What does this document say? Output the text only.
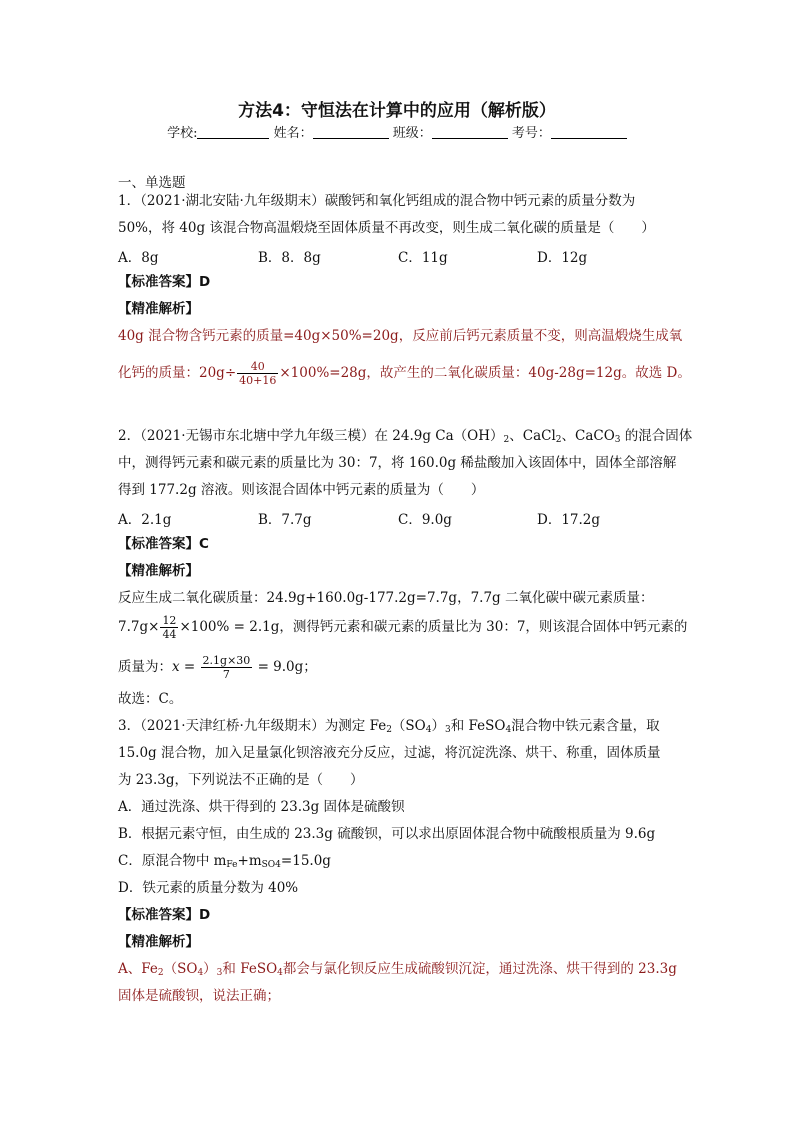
方法4：守恒法在计算中的应用（解析版）
学校:	姓名：	班级：	考号：
一、单选题
1．（2021·湖北安陆·九年级期末）碳酸钙和氧化钙组成的混合物中钙元素的质量分数为
50%，将 40g 该混合物高温煅烧至固体质量不再改变，则生成二氧化碳的质量是（　　）
A．8g	B．8．8g	C．11g	D．12g
【标准答案】D
【精准解析】
40g 混合物含钙元素的质量=40g×50%=20g，反应前后钙元素质量不变，则高温煅烧生成氧
化钙的质量：$20g\div \frac{40}{40+16} \times 100\%=28g$，故产生的二氧化碳质量：40g-28g=12g。故选 D。
2．（2021·无锡市东北塘中学九年级三模）在 24.9g $Ca(OH)_2$、CaCl$_2$、CaCO$_3$ 的混合固体
中，测得钙元素和碳元素的质量比为 30：7，将 160.0g 稀盐酸加入该固体中，固体全部溶解
得到 177.2g 溶液。则该混合固体中钙元素的质量为（　　）
A．2.1g	B．7.7g	C．9.0g	D．17.2g
【标准答案】C
【精准解析】
反应生成二氧化碳质量：24.9g+160.0g-177.2g=7.7g，7.7g 二氧化碳中碳元素质量：
$7.7g\times \frac{12}{44} \times 100\% = 2.1g$，测得钙元素和碳元素的质量比为 30：7，则该混合固体中钙元素的
质量为：$x = \frac{2.1g\times 30}{7} = 9.0g$；
故选：C。
3．（2021·天津红桥·九年级期末）为测定 $Fe_2(SO_4)_3$和 FeSO$_4$混合物中铁元素含量，取
15.0g 混合物，加入足量氯化钡溶液充分反应，过滤，将沉淀洗涤、烘干、称重，固体质量
为 23.3g，下列说法不正确的是（　　）
A．通过洗涤、烘干得到的 23.3g 固体是硫酸钡
B．根据元素守恒，由生成的 23.3g 硫酸钡，可以求出原固体混合物中硫酸根质量为 9.6g
C．原混合物中 $m_{Fe}+m_{SO4}=15.0g$
D．铁元素的质量分数为 40%
【标准答案】D
【精准解析】
A、$Fe_2(SO_4)_3$和 FeSO$_4$都会与氯化钡反应生成硫酸钡沉淀，通过洗涤、烘干得到的 23.3g
固体是硫酸钡，说法正确；
